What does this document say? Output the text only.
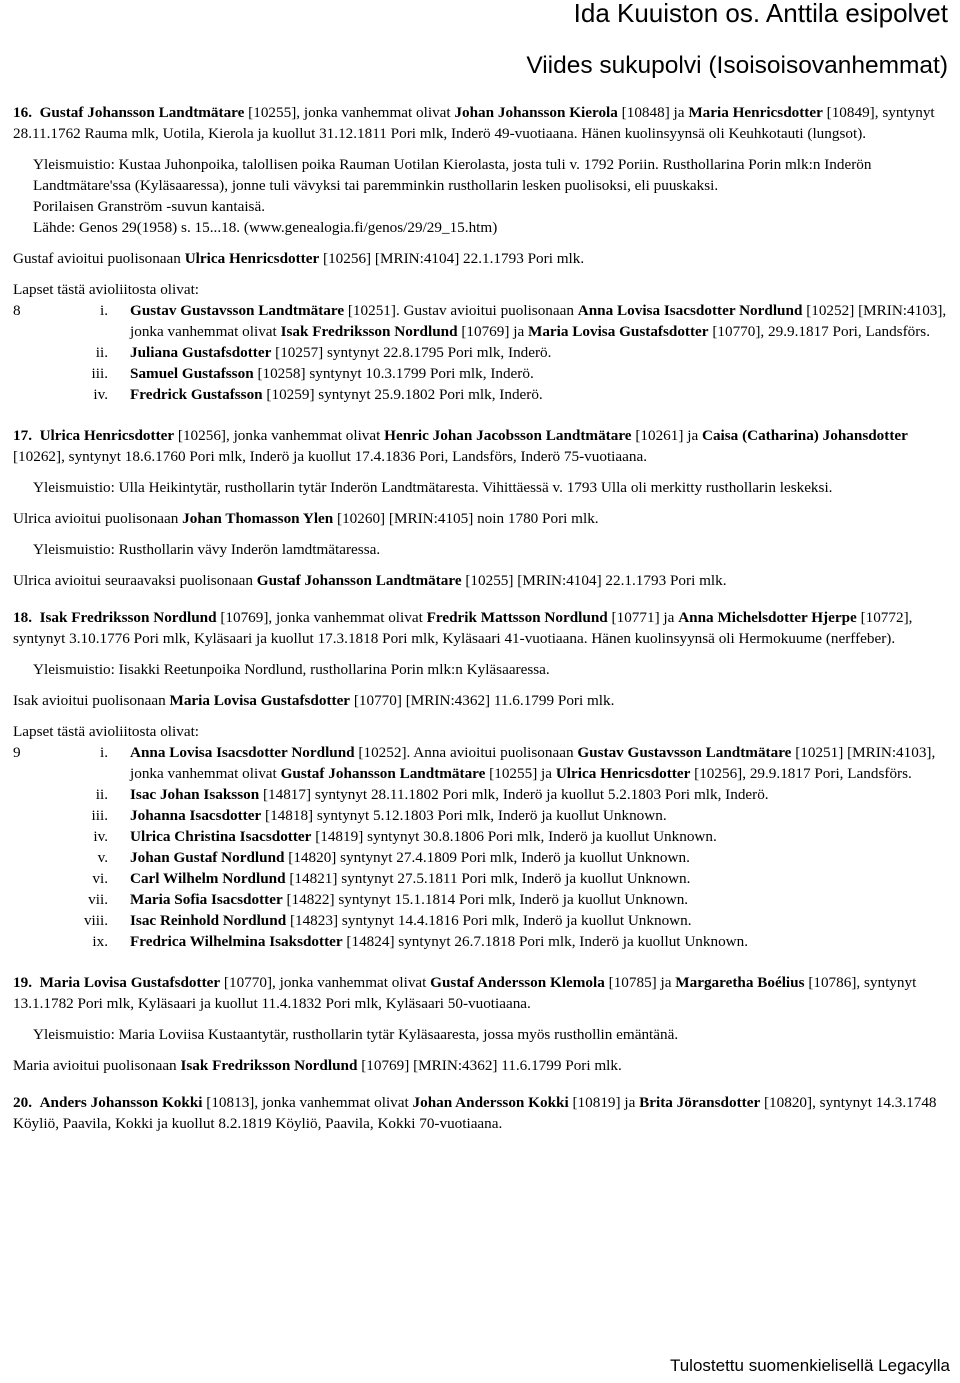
Ida Kuuiston os. Anttila esipolvet
Viides sukupolvi (Isoisoisovanhemmat)

16. Gustaf Johansson Landtmätare [10255], jonka vanhemmat olivat Johan Johansson Kierola [10848] ja Maria Henricsdotter [10849], syntynyt 28.11.1762 Rauma mlk, Uotila, Kierola ja kuollut 31.12.1811 Pori mlk, Inderö 49-vuotiaana. Hänen kuolinsyynsä oli Keuhkotauti (lungsot).

Yleismuistio: Kustaa Juhonpoika, talollisen poika Rauman Uotilan Kierolasta, josta tuli v. 1792 Poriin. Rusthollarina Porin mlk:n Inderön Landtmätare'ssa (Kyläsaaressa), jonne tuli vävyksi tai paremminkin rusthollarin lesken puolisoksi, eli puuskaksi.

Porilaisen Granström -suvun kantaisä.

Lähde: Genos 29(1958) s. 15...18. (www.genealogia.fi/genos/29/29_15.htm)

Gustaf avioitui puolisonaan Ulrica Henricsdotter [10256] [MRIN:4104] 22.1.1793 Pori mlk.

Lapset tästä avioliitosta olivat:

8	i.	Gustav Gustavsson Landtmätare [10251]. Gustav avioitui puolisonaan Anna Lovisa Isacsdotter Nordlund [10252] [MRIN:4103], jonka vanhemmat olivat Isak Fredriksson Nordlund [10769] ja Maria Lovisa Gustafsdotter [10770], 29.9.1817 Pori, Landsförs.
ii.	Juliana Gustafsdotter [10257] syntynyt 22.8.1795 Pori mlk, Inderö.
iii.	Samuel Gustafsson [10258] syntynyt 10.3.1799 Pori mlk, Inderö.
iv.	Fredrick Gustafsson [10259] syntynyt 25.9.1802 Pori mlk, Inderö.

17. Ulrica Henricsdotter [10256], jonka vanhemmat olivat Henric Johan Jacobsson Landtmätare [10261] ja Caisa (Catharina) Johansdotter [10262], syntynyt 18.6.1760 Pori mlk, Inderö ja kuollut 17.4.1836 Pori, Landsförs, Inderö 75-vuotiaana.

Yleismuistio: Ulla Heikintytär, rusthollarin tytär Inderön Landtmätaresta. Vihittäessä v. 1793 Ulla oli merkitty rusthollarin leskeksi.

Ulrica avioitui puolisonaan Johan Thomasson Ylen [10260] [MRIN:4105] noin 1780 Pori mlk.

Yleismuistio: Rusthollarin vävy Inderön lamdtmätaressa.

Ulrica avioitui seuraavaksi puolisonaan Gustaf Johansson Landtmätare [10255] [MRIN:4104] 22.1.1793 Pori mlk.

18. Isak Fredriksson Nordlund [10769], jonka vanhemmat olivat Fredrik Mattsson Nordlund [10771] ja Anna Michelsdotter Hjerpe [10772], syntynyt 3.10.1776 Pori mlk, Kyläsaari ja kuollut 17.3.1818 Pori mlk, Kyläsaari 41-vuotiaana. Hänen kuolinsyynsä oli Hermokuume (nerffeber).

Yleismuistio: Iisakki Reetunpoika Nordlund, rusthollarina Porin mlk:n Kyläsaaressa.

Isak avioitui puolisonaan Maria Lovisa Gustafsdotter [10770] [MRIN:4362] 11.6.1799 Pori mlk.

Lapset tästä avioliitosta olivat:

9	i.	Anna Lovisa Isacsdotter Nordlund [10252]. Anna avioitui puolisonaan Gustav Gustavsson Landtmätare [10251] [MRIN:4103], jonka vanhemmat olivat Gustaf Johansson Landtmätare [10255] ja Ulrica Henricsdotter [10256], 29.9.1817 Pori, Landsförs.
ii.	Isac Johan Isaksson [14817] syntynyt 28.11.1802 Pori mlk, Inderö ja kuollut 5.2.1803 Pori mlk, Inderö.
iii.	Johanna Isacsdotter [14818] syntynyt 5.12.1803 Pori mlk, Inderö ja kuollut Unknown.
iv.	Ulrica Christina Isacsdotter [14819] syntynyt 30.8.1806 Pori mlk, Inderö ja kuollut Unknown.
v.	Johan Gustaf Nordlund [14820] syntynyt 27.4.1809 Pori mlk, Inderö ja kuollut Unknown.
vi.	Carl Wilhelm Nordlund [14821] syntynyt 27.5.1811 Pori mlk, Inderö ja kuollut Unknown.
vii.	Maria Sofia Isacsdotter [14822] syntynyt 15.1.1814 Pori mlk, Inderö ja kuollut Unknown.
viii.	Isac Reinhold Nordlund [14823] syntynyt 14.4.1816 Pori mlk, Inderö ja kuollut Unknown.
ix.	Fredrica Wilhelmina Isaksdotter [14824] syntynyt 26.7.1818 Pori mlk, Inderö ja kuollut Unknown.

19. Maria Lovisa Gustafsdotter [10770], jonka vanhemmat olivat Gustaf Andersson Klemola [10785] ja Margaretha Boélius [10786], syntynyt 13.1.1782 Pori mlk, Kyläsaari ja kuollut 11.4.1832 Pori mlk, Kyläsaari 50-vuotiaana.

Yleismuistio: Maria Loviisa Kustaantytär, rusthollarin tytär Kyläsaaresta, jossa myös rusthollin emäntänä.

Maria avioitui puolisonaan Isak Fredriksson Nordlund [10769] [MRIN:4362] 11.6.1799 Pori mlk.

20. Anders Johansson Kokki [10813], jonka vanhemmat olivat Johan Andersson Kokki [10819] ja Brita Jöransdotter [10820], syntynyt 14.3.1748 Köyliö, Paavila, Kokki ja kuollut 8.2.1819 Köyliö, Paavila, Kokki 70-vuotiaana.

Tulostettu suomenkielisellä Legacylla
